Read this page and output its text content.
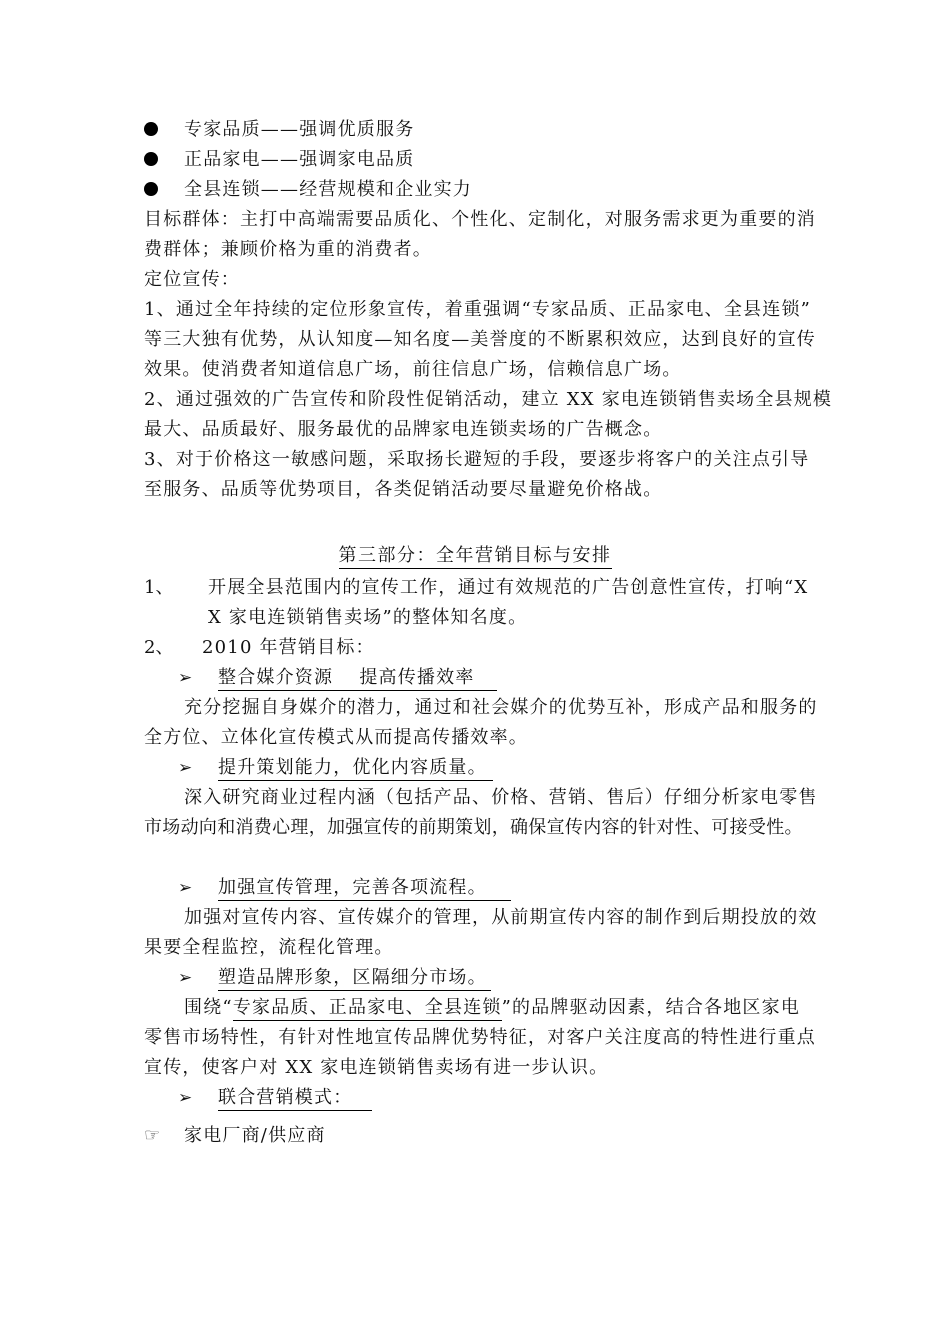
专家品质——强调优质服务
正品家电——强调家电品质
全县连锁——经营规模和企业实力
目标群体：主打中高端需要品质化、个性化、定制化，对服务需求更为重要的消
费群体；兼顾价格为重的消费者。
定位宣传：
1、通过全年持续的定位形象宣传，着重强调“专家品质、正品家电、全县连锁”
等三大独有优势，从认知度—知名度—美誉度的不断累积效应，达到良好的宣传
效果。使消费者知道信息广场，前往信息广场，信赖信息广场。
2、通过强效的广告宣传和阶段性促销活动，建立 XX 家电连锁销售卖场全县规模
最大、品质最好、服务最优的品牌家电连锁卖场的广告概念。
3、对于价格这一敏感问题，采取扬长避短的手段，要逐步将客户的关注点引导
至服务、品质等优势项目，各类促销活动要尽量避免价格战。
第三部分：全年营销目标与安排
1、 开展全县范围内的宣传工作，通过有效规范的广告创意性宣传，打响“X
X 家电连锁销售卖场”的整体知名度。
2、 2010 年营销目标：
➢ 整合媒介资源　 提高传播效率
充分挖掘自身媒介的潜力，通过和社会媒介的优势互补，形成产品和服务的
全方位、立体化宣传模式从而提高传播效率。
➢ 提升策划能力，优化内容质量。
深入研究商业过程内涵（包括产品、价格、营销、售后）仔细分析家电零售
市场动向和消费心理，加强宣传的前期策划，确保宣传内容的针对性、可接受性。
➢ 加强宣传管理，完善各项流程。
加强对宣传内容、宣传媒介的管理，从前期宣传内容的制作到后期投放的效
果要全程监控，流程化管理。
➢ 塑造品牌形象，区隔细分市场。
围绕“专家品质、正品家电、全县连锁”的品牌驱动因素，结合各地区家电
零售市场特性，有针对性地宣传品牌优势特征，对客户关注度高的特性进行重点
宣传，使客户对 XX 家电连锁销售卖场有进一步认识。
➢ 联合营销模式：
☞ 家电厂商/供应商
